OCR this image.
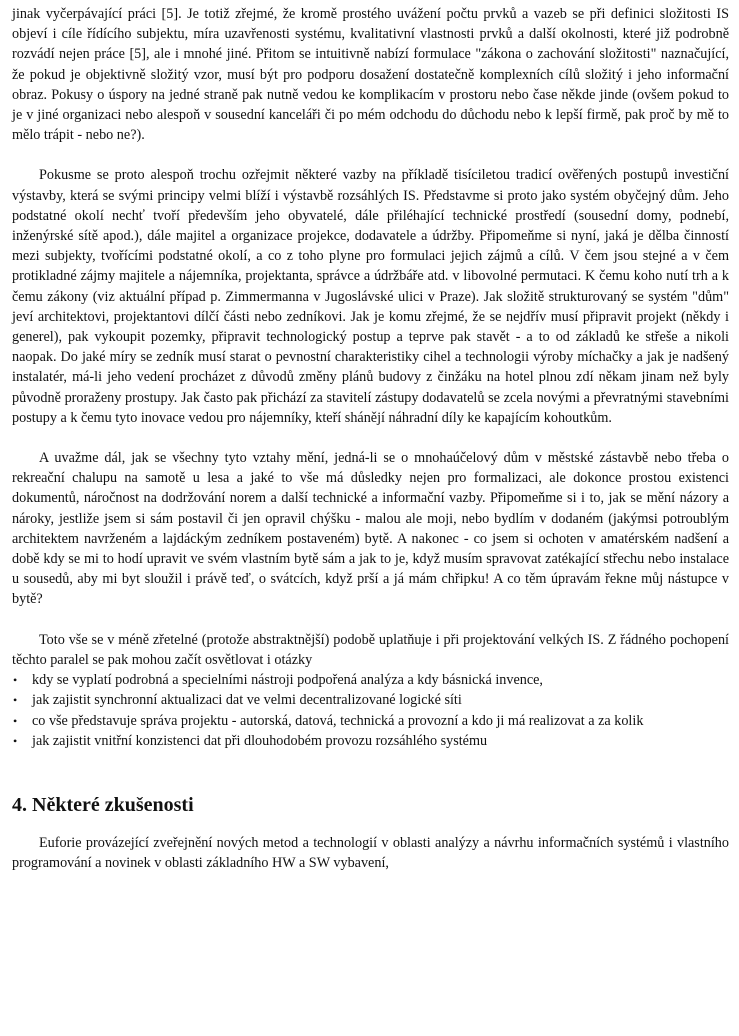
jinak vyčerpávající práci [5]. Je totiž zřejmé, že kromě prostého uvážení počtu prvků a vazeb se při definici složitosti IS objeví i cíle řídícího subjektu, míra uzavřenosti systému, kvalitativní vlastnosti prvků a další okolnosti, které již podrobně rozvádí nejen práce [5], ale i mnohé jiné. Přitom se intuitivně nabízí formulace "zákona o zachování složitosti" naznačující, že pokud je objektivně složitý vzor, musí být pro podporu dosažení dostatečně komplexních cílů složitý i jeho informační obraz. Pokusy o úspory na jedné straně pak nutně vedou ke komplikacím v prostoru nebo čase někde jinde (ovšem pokud to je v jiné organizaci nebo alespoň v sousední kanceláři či po mém odchodu do důchodu nebo k lepší firmě, pak proč by mě to mělo trápit - nebo ne?).

Pokusme se proto alespoň trochu ozřejmit některé vazby na příkladě tisíciletou tradicí ověřených postupů investiční výstavby, která se svými principy velmi blíží i výstavbě rozsáhlých IS. Představme si proto jako systém obyčejný dům. Jeho podstatné okolí nechť tvoří především jeho obyvatelé, dále přiléhající technické prostředí (sousední domy, podnebí, inženýrské sítě apod.), dále majitel a organizace projekce, dodavatele a údržby. Připomeňme si nyní, jaká je dělba činností mezi subjekty, tvořícími podstatné okolí, a co z toho plyne pro formulaci jejich zájmů a cílů. V čem jsou stejné a v čem protikladné zájmy majitele a nájemníka, projektanta, správce a údržbáře atd. v libovolné permutaci. K čemu koho nutí trh a k čemu zákony (viz aktuální případ p. Zimmermanna v Jugoslávské ulici v Praze). Jak složitě strukturovaný se systém "dům" jeví architektovi, projektantovi dílčí části nebo zedníkovi. Jak je komu zřejmé, že se nejdřív musí připravit projekt (někdy i generel), pak vykoupit pozemky, připravit technologický postup a teprve pak stavět - a to od základů ke střeše a nikoli naopak. Do jaké míry se zedník musí starat o pevnostní charakteristiky cihel a technologii výroby míchačky a jak je nadšený instalatér, má-li jeho vedení procházet z důvodů změny plánů budovy z činžáku na hotel plnou zdí někam jinam než byly původně proraženy prostupy. Jak často pak přichází za stavitelí zástupy dodavatelů se zcela novými a převratnými stavebními postupy a k čemu tyto inovace vedou pro nájemníky, kteří shánějí náhradní díly ke kapajícím kohoutkům.

A uvažme dál, jak se všechny tyto vztahy mění, jedná-li se o mnohaúčelový dům v městské zástavbě nebo třeba o rekreační chalupu na samotě u lesa a jaké to vše má důsledky nejen pro formalizaci, ale dokonce prostou existenci dokumentů, náročnost na dodržování norem a další technické a informační vazby. Připomeňme si i to, jak se mění názory a nároky, jestliže jsem si sám postavil či jen opravil chýšku - malou ale moji, nebo bydlím v dodaném (jakýmsi potroublým architektem navrženém a lajdáckým zedníkem postaveném) bytě. A nakonec - co jsem si ochoten v amatérském nadšení a době kdy se mi to hodí upravit ve svém vlastním bytě sám a jak to je, když musím spravovat zatékající střechu nebo instalace u sousedů, aby mi byt sloužil i právě teď, o svátcích, když prší a já mám chřipku! A co těm úpravám řekne můj nástupce v bytě?

Toto vše se v méně zřetelné (protože abstraktnější) podobě uplatňuje i při projektování velkých IS. Z řádného pochopení těchto paralel se pak mohou začít osvětlovat i otázky

• kdy se vyplatí podrobná a specielními nástroji podpořená analýza a kdy básnická invence,
• jak zajistit synchronní aktualizaci dat ve velmi decentralizované logické síti
• co vše představuje správa projektu - autorská, datová, technická a provozní a kdo ji má realizovat a za kolik
• jak zajistit vnitřní konzistenci dat při dlouhodobém provozu rozsáhlého systému
4. Některé zkušenosti

Euforie provázející zveřejnění nových metod a technologií v oblasti analýzy a návrhu informačních systémů i vlastního programování a novinek v oblasti základního HW a SW vybavení,
